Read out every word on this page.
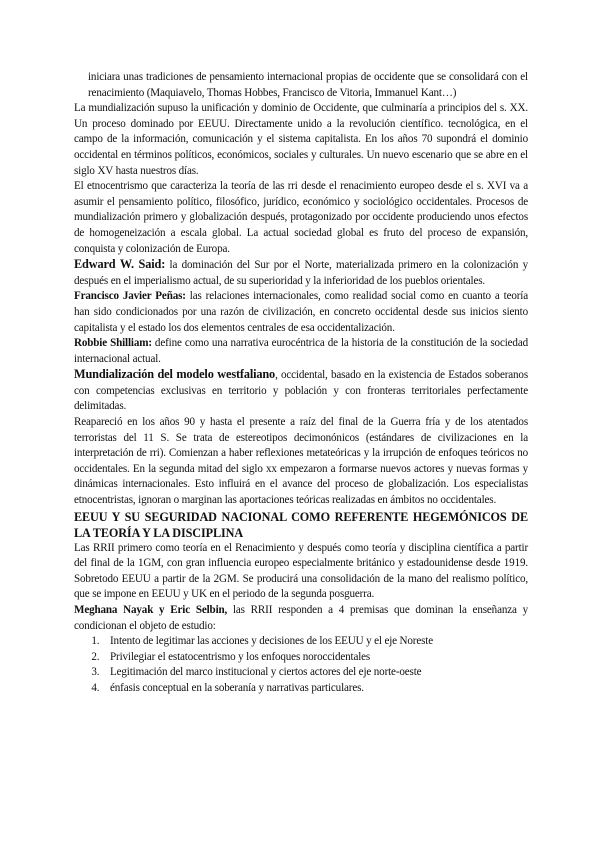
iniciara unas tradiciones de pensamiento internacional propias de occidente que se consolidará con el renacimiento (Maquiavelo, Thomas Hobbes, Francisco de Vitoria, Immanuel Kant…)

La mundialización supuso la unificación y dominio de Occidente, que culminaría a principios del s. XX. Un proceso dominado por EEUU. Directamente unido a la revolución científico. tecnológica, en el campo de la información, comunicación y el sistema capitalista. En los años 70 supondrá el dominio occidental en términos políticos, económicos, sociales y culturales. Un nuevo escenario que se abre en el siglo XV hasta nuestros días.

El etnocentrismo que caracteriza la teoría de las rri desde el renacimiento europeo desde el s. XVI va a asumir el pensamiento político, filosófico, jurídico, económico y sociológico occidentales. Procesos de mundialización primero y globalización después, protagonizado por occidente produciendo unos efectos de homogeneización a escala global. La actual sociedad global es fruto del proceso de expansión, conquista y colonización de Europa.

Edward W. Said: la dominación del Sur por el Norte, materializada primero en la colonización y después en el imperialismo actual, de su superioridad y la inferioridad de los pueblos orientales.

Francisco Javier Peñas: las relaciones internacionales, como realidad social como en cuanto a teoría han sido condicionados por una razón de civilización, en concreto occidental desde sus inicios siento capitalista y el estado los dos elementos centrales de esa occidentalización.

Robbie Shilliam: define como una narrativa eurocéntrica de la historia de la constitución de la sociedad internacional actual.

Mundialización del modelo westfaliano, occidental, basado en la existencia de Estados soberanos con competencias exclusivas en territorio y población y con fronteras territoriales perfectamente delimitadas.

Reapareció en los años 90 y hasta el presente a raíz del final de la Guerra fría y de los atentados terroristas del 11 S. Se trata de estereotipos decimonónicos (estándares de civilizaciones en la interpretación de rri). Comienzan a haber reflexiones metateóricas y la irrupción de enfoques teóricos no occidentales. En la segunda mitad del siglo xx empezaron a formarse nuevos actores y nuevas formas y dinámicas internacionales. Esto influirá en el avance del proceso de globalización. Los especialistas etnocentristas, ignoran o marginan las aportaciones teóricas realizadas en ámbitos no occidentales.

EEUU Y SU SEGURIDAD NACIONAL COMO REFERENTE HEGEMÓNICOS DE LA TEORÍA Y LA DISCIPLINA

Las RRII primero como teoría en el Renacimiento y después como teoría y disciplina científica a partir del final de la 1GM, con gran influencia europeo especialmente británico y estadounidense desde 1919. Sobretodo EEUU a partir de la 2GM. Se producirá una consolidación de la mano del realismo político, que se impone en EEUU y UK en el periodo de la segunda posguerra.

Meghana Nayak y Eric Selbin, las RRII responden a 4 premisas que dominan la enseñanza y condicionan el objeto de estudio:

1. Intento de legitimar las acciones y decisiones de los EEUU y el eje Noreste
2. Privilegiar el estatocentrismo y los enfoques noroccidentales
3. Legitimación del marco institucional y ciertos actores del eje norte-oeste
4. énfasis conceptual en la soberanía y narrativas particulares.
